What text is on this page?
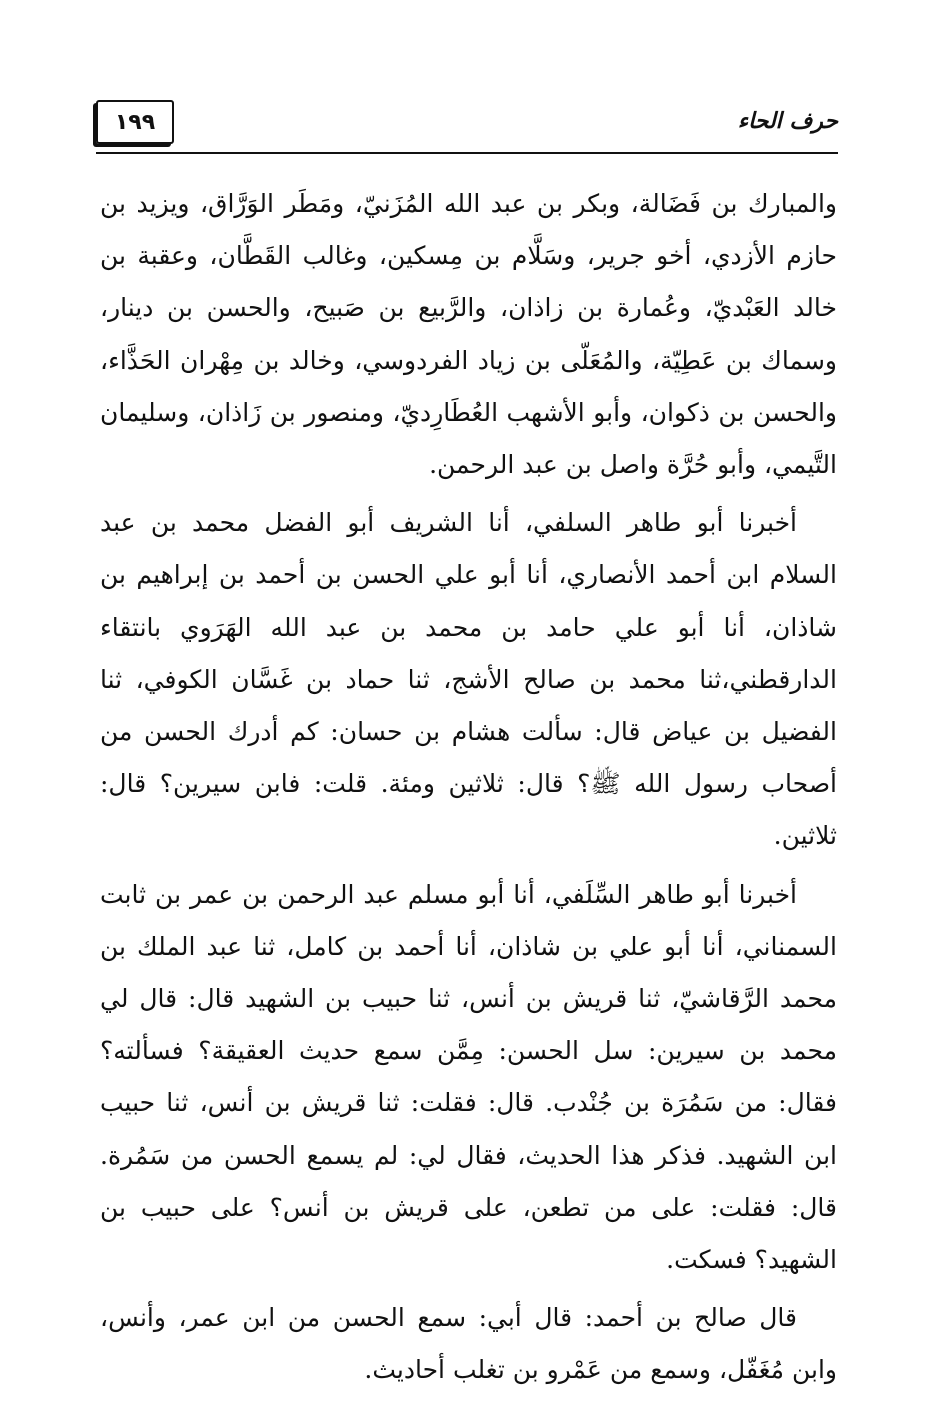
١٩٩	حرف الحاء

والمبارك بن فَضَالة، وبكر بن عبد الله المُزَنيّ، ومَطَر الوَرَّاق، ويزيد بن حازم الأزدي، أخو جرير، وسَلَّام بن مِسكين، وغالب القَطَّان، وعقبة بن خالد العَبْديّ، وعُمارة بن زاذان، والرَّبيع بن صَبيح، والحسن بن دينار، وسماك بن عَطِيّة، والمُعَلّى بن زياد الفردوسي، وخالد بن مِهْران الحَذَّاء، والحسن بن ذكوان، وأبو الأشهب العُطَارِديّ، ومنصور بن زَاذان، وسليمان التَّيمي، وأبو حُرَّة واصل بن عبد الرحمن.

أخبرنا أبو طاهر السلفي، أنا الشريف أبو الفضل محمد بن عبد السلام ابن أحمد الأنصاري، أنا أبو علي الحسن بن أحمد بن إبراهيم بن شاذان، أنا أبو علي حامد بن محمد بن عبد الله الهَرَوي بانتقاء الدارقطني،ثنا محمد بن صالح الأشج، ثنا حماد بن غَسَّان الكوفي، ثنا الفضيل بن عياض قال: سألت هشام بن حسان: كم أدرك الحسن من أصحاب رسول الله ﷺ؟ قال: ثلاثين ومئة. قلت: فابن سيرين؟ قال: ثلاثين.

أخبرنا أبو طاهر السِّلَفي، أنا أبو مسلم عبد الرحمن بن عمر بن ثابت السمناني، أنا أبو علي بن شاذان، أنا أحمد بن كامل، ثنا عبد الملك بن محمد الرَّقاشيّ، ثنا قريش بن أنس، ثنا حبيب بن الشهيد قال: قال لي محمد بن سيرين: سل الحسن: مِمَّن سمع حديث العقيقة؟ فسألته؟ فقال: من سَمُرَة بن جُنْدب. قال: فقلت: ثنا قريش بن أنس، ثنا حبيب ابن الشهيد. فذكر هذا الحديث، فقال لي: لم يسمع الحسن من سَمُرة. قال: فقلت: على من تطعن، على قريش بن أنس؟ على حبيب بن الشهيد؟ فسكت.

قال صالح بن أحمد: قال أبي: سمع الحسن من ابن عمر، وأنس، وابن مُغَفّل، وسمع من عَمْرو بن تغلب أحاديث.
